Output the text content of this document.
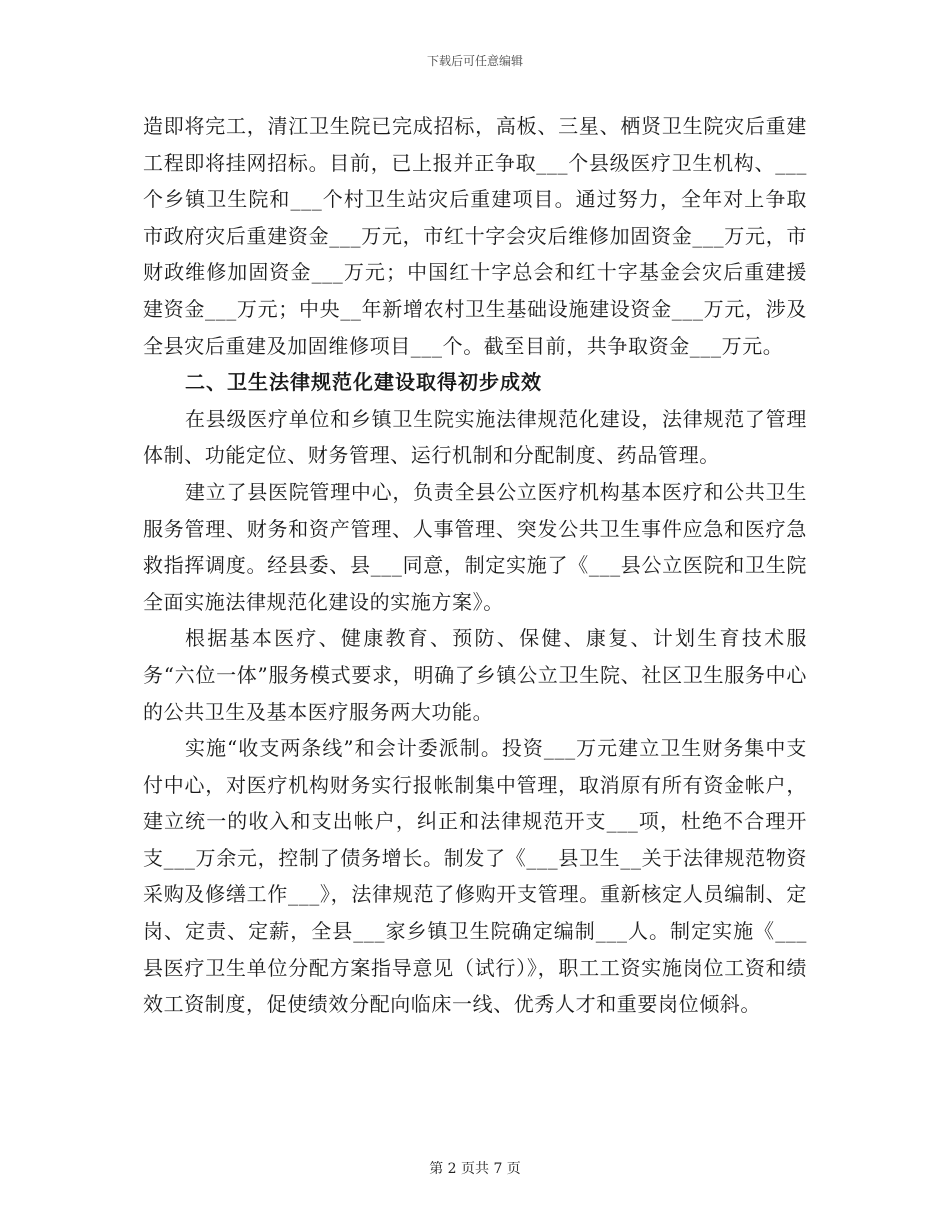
下载后可任意编辑

造即将完工，清江卫生院已完成招标，高板、三星、栖贤卫生院灾后重建工程即将挂网招标。目前，已上报并正争取___个县级医疗卫生机构、___个乡镇卫生院和___个村卫生站灾后重建项目。通过努力，全年对上争取市政府灾后重建资金___万元，市红十字会灾后维修加固资金___万元，市财政维修加固资金___万元；中国红十字总会和红十字基金会灾后重建援建资金___万元；中央__年新增农村卫生基础设施建设资金___万元，涉及全县灾后重建及加固维修项目___个。截至目前，共争取资金___万元。

二、卫生法律规范化建设取得初步成效

在县级医疗单位和乡镇卫生院实施法律规范化建设，法律规范了管理体制、功能定位、财务管理、运行机制和分配制度、药品管理。

建立了县医院管理中心，负责全县公立医疗机构基本医疗和公共卫生服务管理、财务和资产管理、人事管理、突发公共卫生事件应急和医疗急救指挥调度。经县委、县___同意，制定实施了《___县公立医院和卫生院全面实施法律规范化建设的实施方案》。

根据基本医疗、健康教育、预防、保健、康复、计划生育技术服务“六位一体”服务模式要求，明确了乡镇公立卫生院、社区卫生服务中心的公共卫生及基本医疗服务两大功能。

实施“收支两条线”和会计委派制。投资___万元建立卫生财务集中支付中心，对医疗机构财务实行报帐制集中管理，取消原有所有资金帐户，建立统一的收入和支出帐户，纠正和法律规范开支___项，杜绝不合理开支___万余元，控制了债务增长。制发了《___县卫生__关于法律规范物资采购及修缮工作___》，法律规范了修购开支管理。重新核定人员编制、定岗、定责、定薪，全县___家乡镇卫生院确定编制___人。制定实施《___县医疗卫生单位分配方案指导意见（试行）》，职工工资实施岗位工资和绩效工资制度，促使绩效分配向临床一线、优秀人才和重要岗位倾斜。

第 2 页共 7 页
